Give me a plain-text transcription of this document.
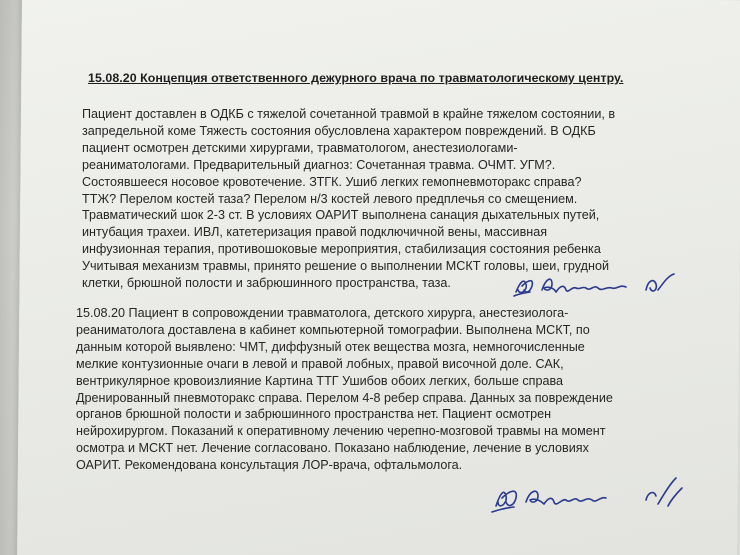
15.08.20 Концепция ответственного дежурного врача по травматологическому центру.
Пациент доставлен в ОДКБ с тяжелой сочетанной травмой в крайне тяжелом состоянии, в
запредельной коме Тяжесть состояния обусловлена характером повреждений. В ОДКБ
пациент осмотрен детскими хирургами, травматологом, анестезиологами-
реаниматологами. Предварительный диагноз: Сочетанная травма. ОЧМТ. УГМ?.
Состоявшееся носовое кровотечение. ЗТГК. Ушиб легких гемопневмоторакс справа?
ТТЖ? Перелом костей таза? Перелом н/3 костей левого предплечья со смещением.
Травматический шок 2-3 ст. В условиях ОАРИТ выполнена санация дыхательных путей,
интубация трахеи. ИВЛ, катетеризация правой подключичной вены, массивная
инфузионная терапия, противошоковые мероприятия, стабилизация состояния ребенка
Учитывая механизм травмы, принято решение о выполнении МСКТ головы, шеи, грудной
клетки, брюшной полости и забрюшинного пространства, таза.
15.08.20 Пациент в сопровождении травматолога, детского хирурга, анестезиолога-
реаниматолога доставлена в кабинет компьютерной томографии. Выполнена МСКТ, по
данным которой выявлено: ЧМТ, диффузный отек вещества мозга, немногочисленные
мелкие контузионные очаги в левой и правой лобных, правой височной доле. САК,
вентрикулярное кровоизлияние Картина ТТГ Ушибов обоих легких, больше справа
Дренированный пневмоторакс справа. Перелом 4-8 ребер справа. Данных за повреждение
органов брюшной полости и забрюшинного пространства нет. Пациент осмотрен
нейрохирургом. Показаний к оперативному лечению черепно-мозговой травмы на момент
осмотра и МСКТ нет. Лечение согласовано. Показано наблюдение, лечение в условиях
ОАРИТ. Рекомендована консультация ЛОР-врача, офтальмолога.
